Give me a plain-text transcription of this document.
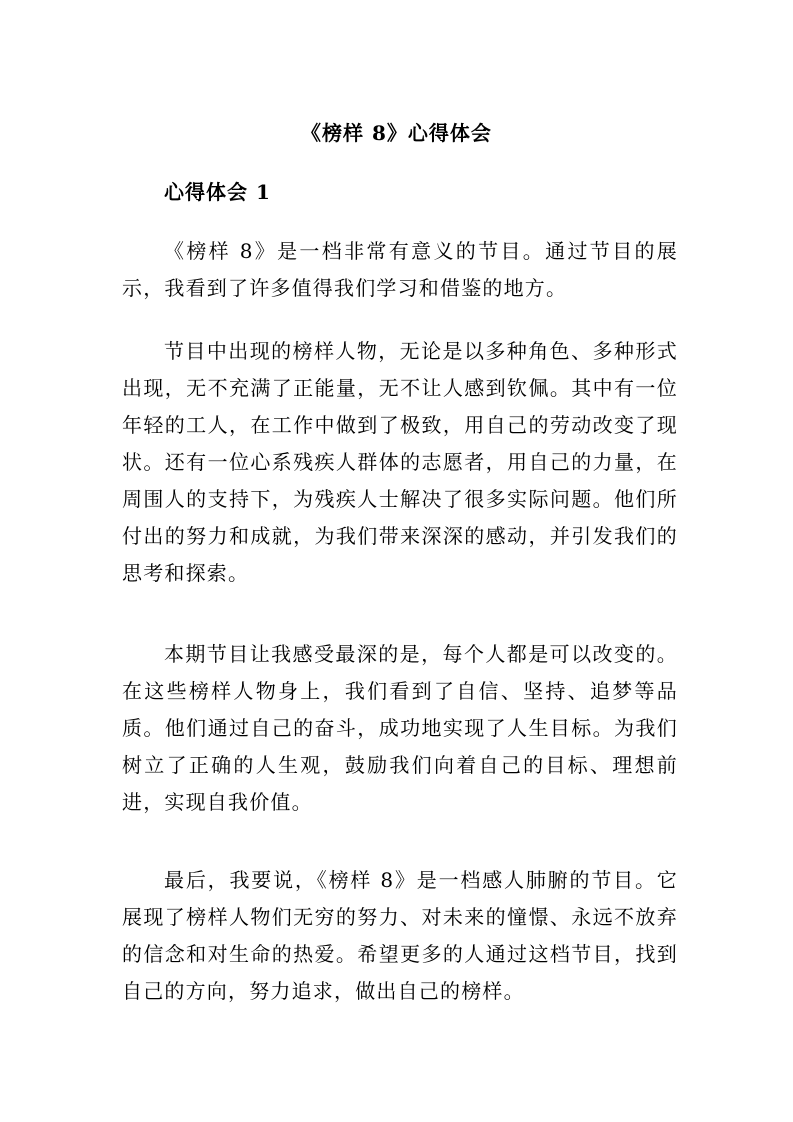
《榜样 8》心得体会
心得体会 1

《榜样 8》是一档非常有意义的节目。通过节目的展示，我看到了许多值得我们学习和借鉴的地方。

节目中出现的榜样人物，无论是以多种角色、多种形式出现，无不充满了正能量，无不让人感到钦佩。其中有一位年轻的工人，在工作中做到了极致，用自己的劳动改变了现状。还有一位心系残疾人群体的志愿者，用自己的力量，在周围人的支持下，为残疾人士解决了很多实际问题。他们所付出的努力和成就，为我们带来深深的感动，并引发我们的思考和探索。

本期节目让我感受最深的是，每个人都是可以改变的。在这些榜样人物身上，我们看到了自信、坚持、追梦等品质。他们通过自己的奋斗，成功地实现了人生目标。为我们树立了正确的人生观，鼓励我们向着自己的目标、理想前进，实现自我价值。

最后，我要说，《榜样 8》是一档感人肺腑的节目。它展现了榜样人物们无穷的努力、对未来的憧憬、永远不放弃的信念和对生命的热爱。希望更多的人通过这档节目，找到自己的方向，努力追求，做出自己的榜样。
